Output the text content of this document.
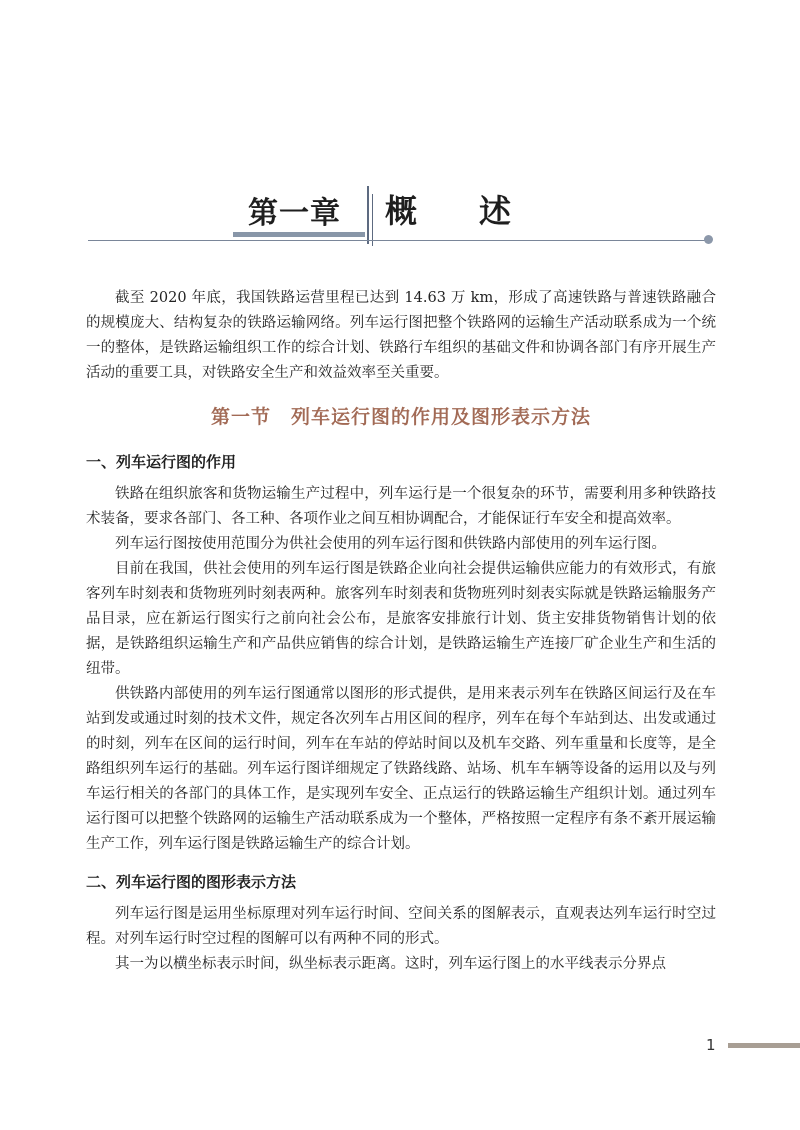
第一章 概述

截至 2020 年底，我国铁路运营里程已达到 14.63 万 km，形成了高速铁路与普速铁路融合的规模庞大、结构复杂的铁路运输网络。列车运行图把整个铁路网的运输生产活动联系成为一个统一的整体，是铁路运输组织工作的综合计划、铁路行车组织的基础文件和协调各部门有序开展生产活动的重要工具，对铁路安全生产和效益效率至关重要。

第一节　列车运行图的作用及图形表示方法
一、列车运行图的作用

铁路在组织旅客和货物运输生产过程中，列车运行是一个很复杂的环节，需要利用多种铁路技术装备，要求各部门、各工种、各项作业之间互相协调配合，才能保证行车安全和提高效率。

列车运行图按使用范围分为供社会使用的列车运行图和供铁路内部使用的列车运行图。

目前在我国，供社会使用的列车运行图是铁路企业向社会提供运输供应能力的有效形式，有旅客列车时刻表和货物班列时刻表两种。旅客列车时刻表和货物班列时刻表实际就是铁路运输服务产品目录，应在新运行图实行之前向社会公布，是旅客安排旅行计划、货主安排货物销售计划的依据，是铁路组织运输生产和产品供应销售的综合计划，是铁路运输生产连接厂矿企业生产和生活的纽带。

供铁路内部使用的列车运行图通常以图形的形式提供，是用来表示列车在铁路区间运行及在车站到发或通过时刻的技术文件，规定各次列车占用区间的程序，列车在每个车站到达、出发或通过的时刻，列车在区间的运行时间，列车在车站的停站时间以及机车交路、列车重量和长度等，是全路组织列车运行的基础。列车运行图详细规定了铁路线路、站场、机车车辆等设备的运用以及与列车运行相关的各部门的具体工作，是实现列车安全、正点运行的铁路运输生产组织计划。通过列车运行图可以把整个铁路网的运输生产活动联系成为一个整体，严格按照一定程序有条不紊开展运输生产工作，列车运行图是铁路运输生产的综合计划。

二、列车运行图的图形表示方法

列车运行图是运用坐标原理对列车运行时间、空间关系的图解表示，直观表达列车运行时空过程。对列车运行时空过程的图解可以有两种不同的形式。

其一为以横坐标表示时间，纵坐标表示距离。这时，列车运行图上的水平线表示分界点

1
